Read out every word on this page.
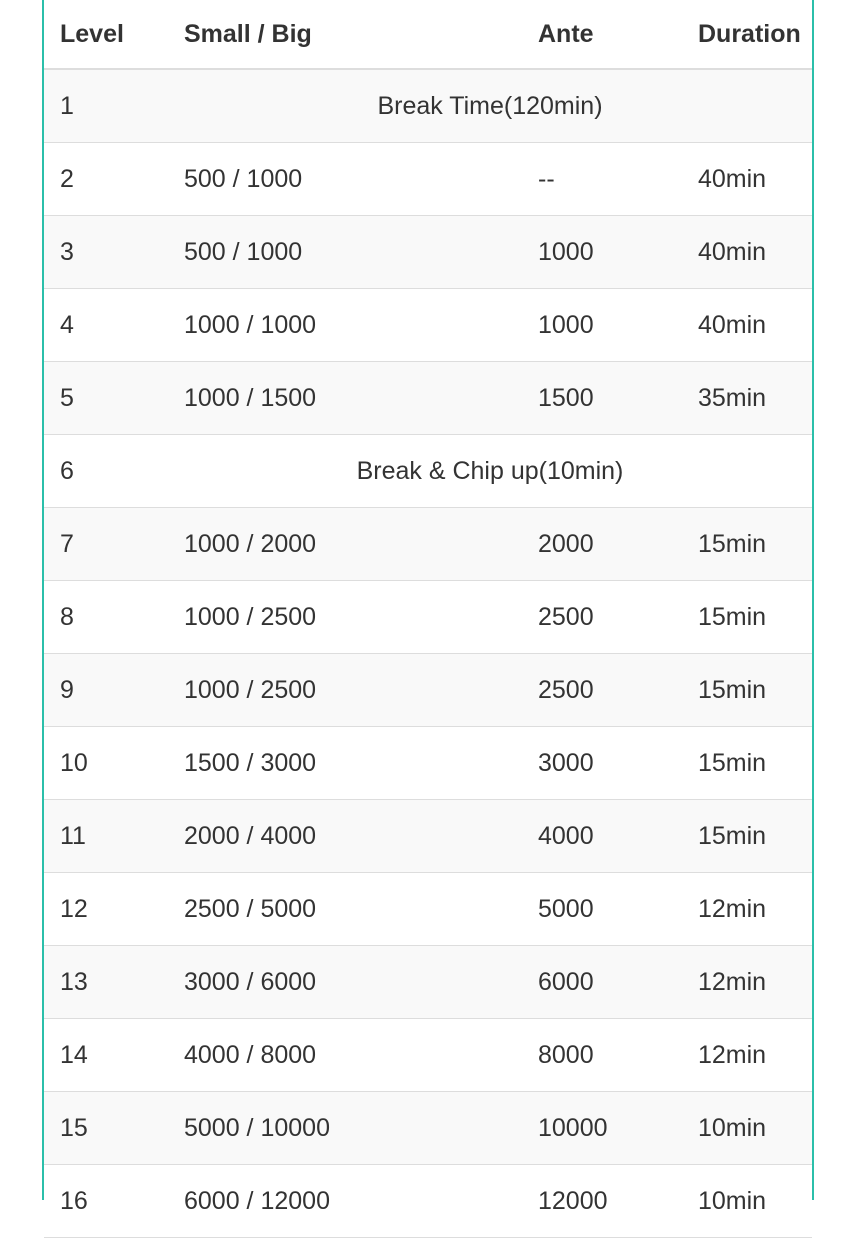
Level	Small / Big	Ante	Duration
1	Break Time(120min)		
2	500 / 1000	--	40min
3	500 / 1000	1000	40min
4	1000 / 1000	1000	40min
5	1000 / 1500	1500	35min
6	Break & Chip up(10min)		
7	1000 / 2000	2000	15min
8	1000 / 2500	2500	15min
9	1000 / 2500	2500	15min
10	1500 / 3000	3000	15min
11	2000 / 4000	4000	15min
12	2500 / 5000	5000	12min
13	3000 / 6000	6000	12min
14	4000 / 8000	8000	12min
15	5000 / 10000	10000	10min
16	6000 / 12000	12000	10min
